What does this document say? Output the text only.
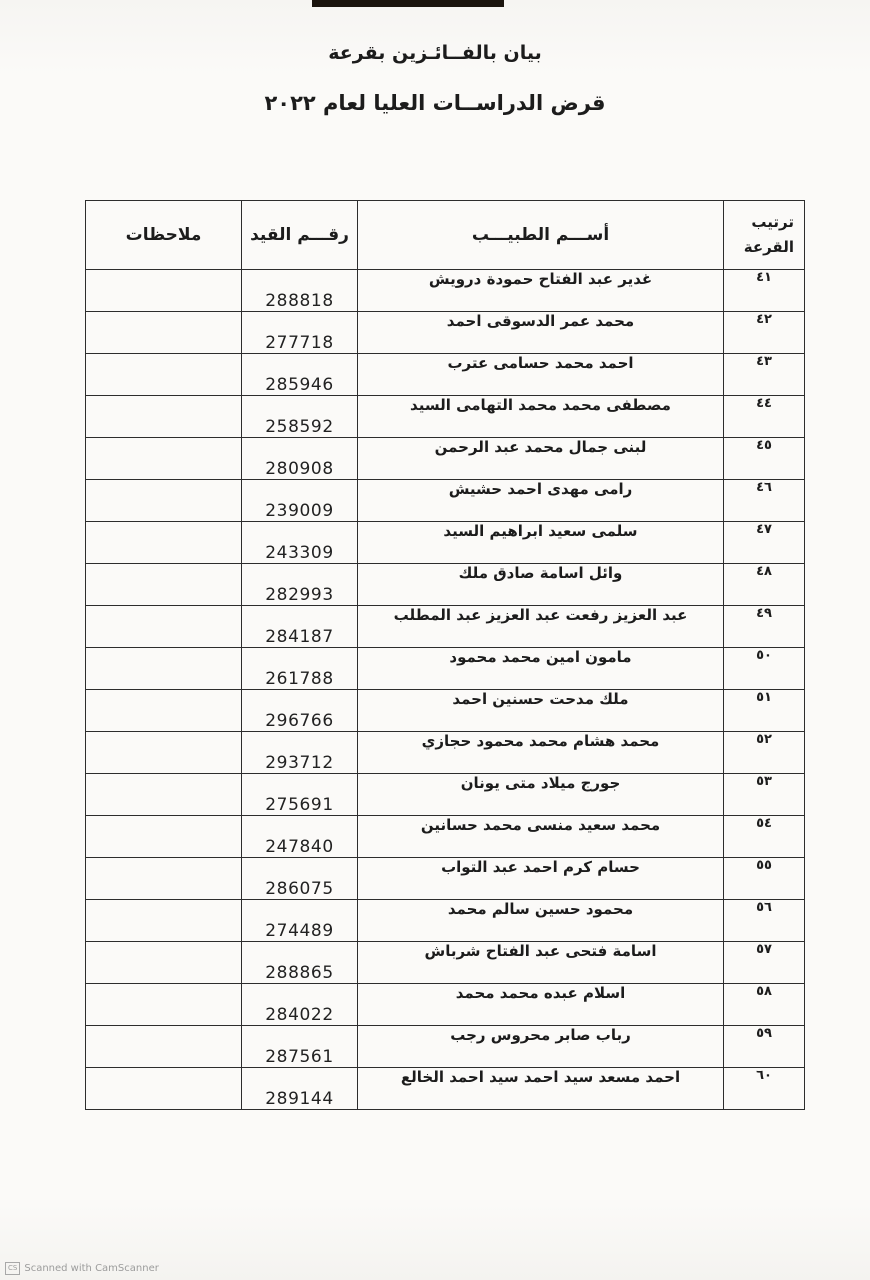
بيان بالفــائـزين بقرعة
قرض الدراســات العليا لعام ٢٠٢٢
ترتيب
القرعة	أســـم الطبيـــب	رقـــم القيد	ملاحظات
٤١	غدير عبد الفتاح حمودة درويش	288818	
٤٢	محمد عمر الدسوقى احمد	277718	
٤٣	احمد محمد حسامى عترب	285946	
٤٤	مصطفى محمد محمد التهامى السيد	258592	
٤٥	لبنى جمال محمد عبد الرحمن	280908	
٤٦	رامى مهدى احمد حشيش	239009	
٤٧	سلمى سعيد ابراهيم السيد	243309	
٤٨	وائل اسامة صادق ملك	282993	
٤٩	عبد العزيز رفعت عبد العزيز عبد المطلب	284187	
٥٠	مامون امين محمد محمود	261788	
٥١	ملك مدحت حسنين احمد	296766	
٥٢	محمد هشام محمد محمود حجازي	293712	
٥٣	جورج ميلاد متى يونان	275691	
٥٤	محمد سعيد منسى محمد حسانين	247840	
٥٥	حسام كرم احمد عبد التواب	286075	
٥٦	محمود حسين سالم محمد	274489	
٥٧	اسامة فتحى عبد الفتاح شرباش	288865	
٥٨	اسلام عبده محمد محمد	284022	
٥٩	رباب صابر محروس رجب	287561	
٦٠	احمد مسعد سيد احمد سيد احمد الخالع	289144	
CS Scanned with CamScanner
